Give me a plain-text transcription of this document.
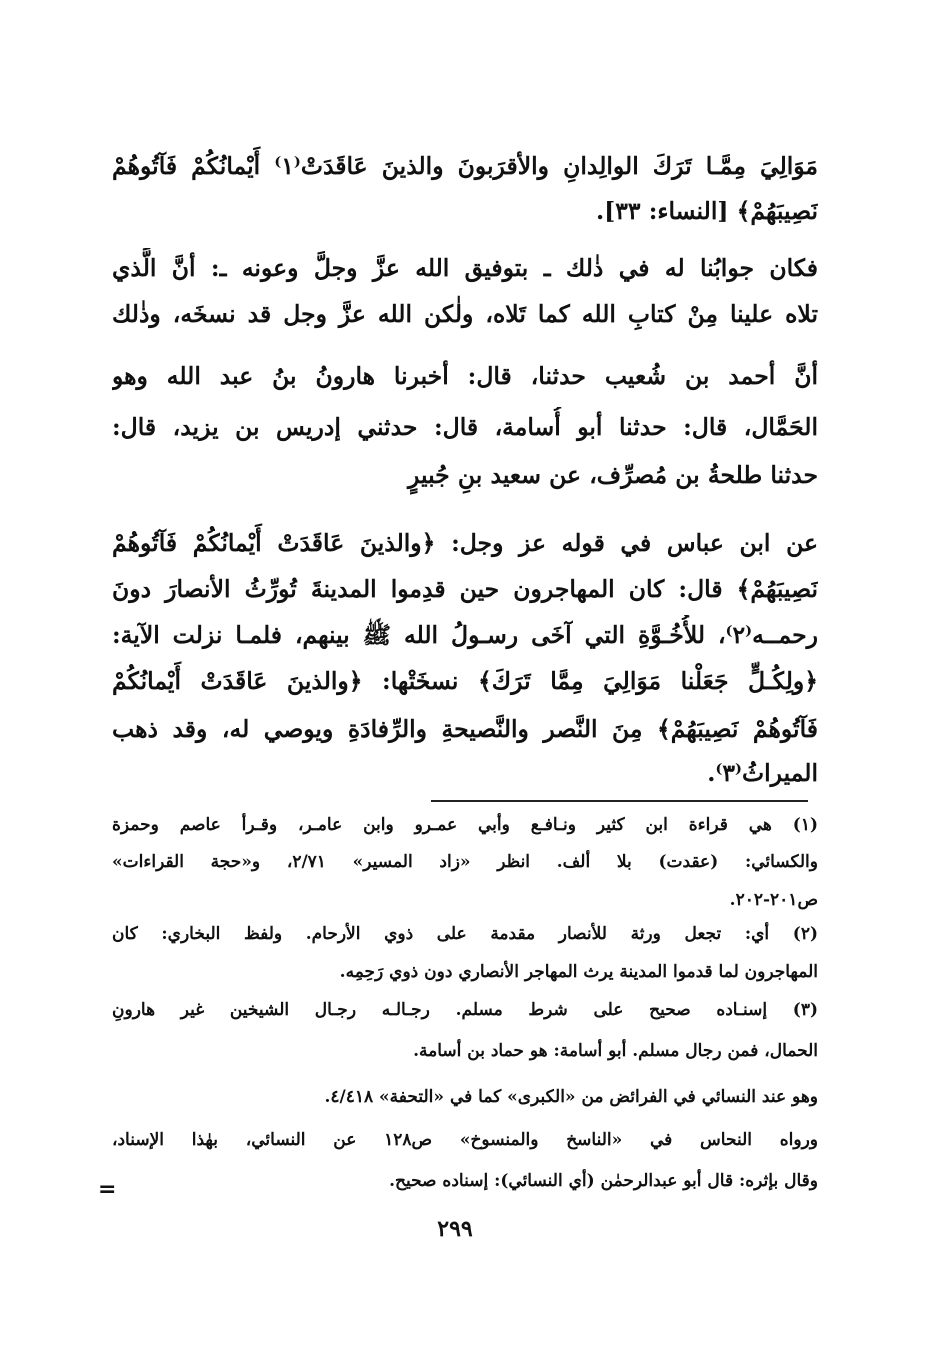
مَوَالِيَ مِمَّـا تَرَكَ الوالِدانِ والأقرَبونَ والذينَ عَاقَدَتْ⁽١⁾ أَيْمانُكُمْ فَآتُوهُمْ
نَصِيبَهُمْ﴾ [النساء: ٣٣].
فكان جوابُنا له في ذٰلك ـ بتوفيق الله عزَّ وجلَّ وعونه ـ: أنَّ الَّذي
تلاه علينا مِنْ كتابِ الله كما تَلاه، ولٰكن الله عزَّ وجل قد نسخَه، وذٰلك
أنَّ أحمد بن شُعيب حدثنا، قال: أخبرنا هارونُ بنُ عبد الله وهو
الحَمَّال، قال: حدثنا أبو أُسامة، قال: حدثني إدريس بن يزيد، قال:
حدثنا طلحةُ بن مُصرِّف، عن سعيد بنِ جُبيرٍ
عن ابن عباس في قوله عز وجل: ﴿والذينَ عَاقَدَتْ أَيْمانُكُمْ فَآتُوهُمْ
نَصِيبَهُمْ﴾ قال: كان المهاجرون حين قدِموا المدينةَ تُورِّثُ الأنصارَ دونَ
رحمــه⁽٢⁾، للأُخُـوَّةِ التي آخَى رسـولُ الله ﷺ بينهم، فلمـا نزلت الآية:
﴿ولِكُـلٍّ جَعَلْنا مَوَالِيَ مِمَّا تَرَكَ﴾ نسخَتْها: ﴿والذينَ عَاقَدَتْ أَيْمانُكُمْ
فَآتُوهُمْ نَصِيبَهُمْ﴾ مِنَ النَّصر والنَّصيحةِ والرِّفادَةِ ويوصي له، وقد ذهب
الميراثُ⁽٣⁾.
(١) هي قراءة ابن كثير ونـافـع وأبي عمـرو وابن عامـر، وقـرأ عاصم وحمزة
والكسائي: (عقدت) بلا ألف. انظر «زاد المسير» ٢/٧١، و«حجة القراءات»
ص٢٠١-٢٠٢.
(٢) أي: تجعل ورثة للأنصار مقدمة على ذوي الأرحام. ولفظ البخاري: كان
المهاجرون لما قدموا المدينة يرث المهاجر الأنصاري دون ذوي رَحِمِه.
(٣) إسنـاده صحيح على شرط مسلم. رجـالـه رجـال الشيخين غير هارونِ
الحمال، فمن رجال مسلم. أبو أسامة: هو حماد بن أسامة.
وهو عند النسائي في الفرائض من «الكبرى» كما في «التحفة» ٤/٤١٨.
ورواه النحاس في «الناسخ والمنسوخ» ص١٢٨ عن النسائي، بهٰذا الإسناد،
وقال بإثره: قال أبو عبدالرحمٰن (أي النسائي): إسناده صحيح.
=
٢٩٩
